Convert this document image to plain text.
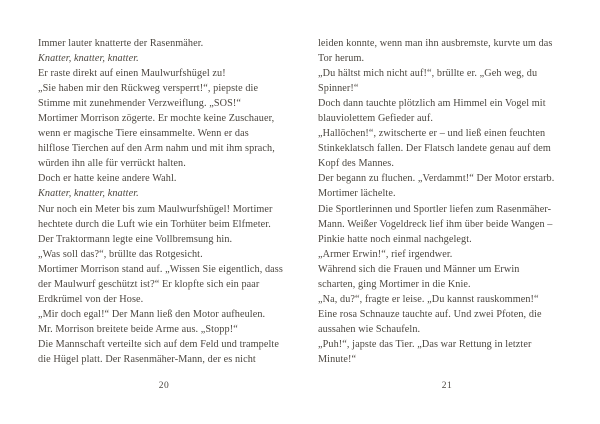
Immer lauter knatterte der Rasenmäher.
Knatter, knatter, knatter.
Er raste direkt auf einen Maulwurfshügel zu!
„Sie haben mir den Rückweg versperrt!“, piepste die
Stimme mit zunehmender Verzweiflung. „SOS!“
Mortimer Morrison zögerte. Er mochte keine Zuschauer,
wenn er magische Tiere einsammelte. Wenn er das
hilflose Tierchen auf den Arm nahm und mit ihm sprach,
würden ihn alle für verrückt halten.
Doch er hatte keine andere Wahl.
Knatter, knatter, knatter.
Nur noch ein Meter bis zum Maulwurfshügel! Mortimer
hechtete durch die Luft wie ein Torhüter beim Elfmeter.
Der Traktormann legte eine Vollbremsung hin.
„Was soll das?“, brüllte das Rotgesicht.
Mortimer Morrison stand auf. „Wissen Sie eigentlich, dass
der Maulwurf geschützt ist?“ Er klopfte sich ein paar
Erdkrümel von der Hose.
„Mir doch egal!“ Der Mann ließ den Motor aufheulen.
Mr. Morrison breitete beide Arme aus. „Stopp!“
Die Mannschaft verteilte sich auf dem Feld und trampelte
die Hügel platt. Der Rasenmäher-Mann, der es nicht
20
leiden konnte, wenn man ihn ausbremste, kurvte um das
Tor herum.
„Du hältst mich nicht auf!“, brüllte er. „Geh weg, du
Spinner!“
Doch dann tauchte plötzlich am Himmel ein Vogel mit
blauviolettem Gefieder auf.
„Hallöchen!“, zwitscherte er – und ließ einen feuchten
Stinkeklatsch fallen. Der Flatsch landete genau auf dem
Kopf des Mannes.
Der begann zu fluchen. „Verdammt!“ Der Motor erstarb.
Mortimer lächelte.
Die Sportlerinnen und Sportler liefen zum Rasenmäher-
Mann. Weißer Vogeldreck lief ihm über beide Wangen –
Pinkie hatte noch einmal nachgelegt.
„Armer Erwin!“, rief irgendwer.
Während sich die Frauen und Männer um Erwin
scharten, ging Mortimer in die Knie.
„Na, du?“, fragte er leise. „Du kannst rauskommen!“
Eine rosa Schnauze tauchte auf. Und zwei Pfoten, die
aussahen wie Schaufeln.
„Puh!“, japste das Tier. „Das war Rettung in letzter
Minute!“
21
